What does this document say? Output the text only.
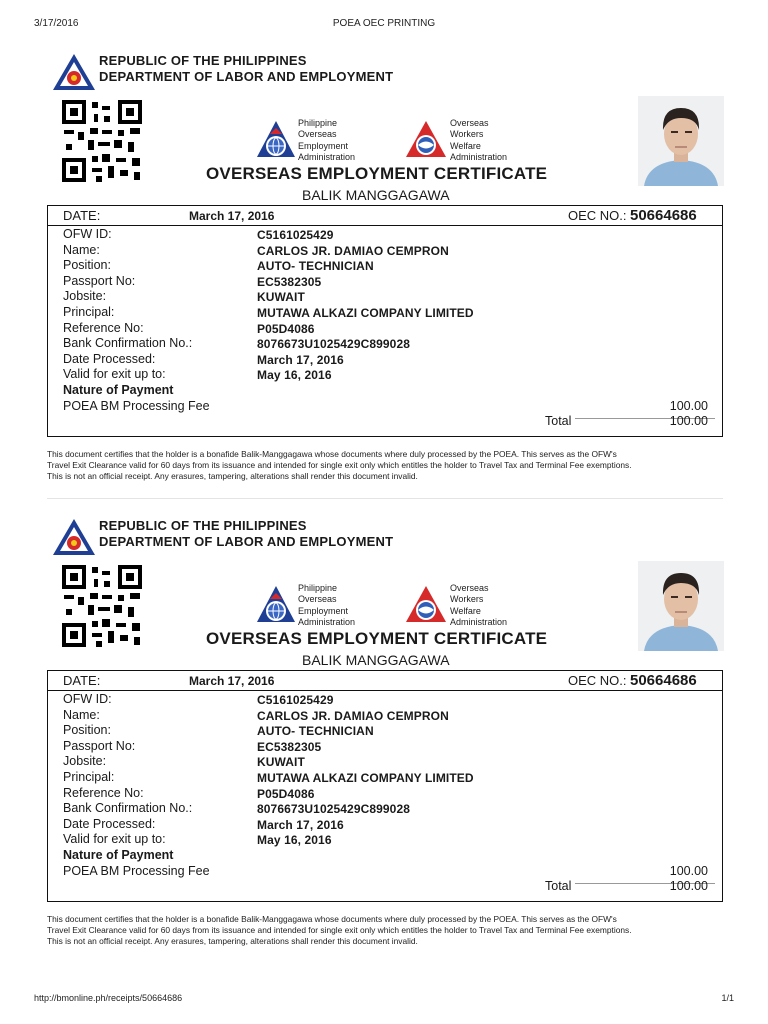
3/17/2016	POEA OEC PRINTING
REPUBLIC OF THE PHILIPPINES
DEPARTMENT OF LABOR AND EMPLOYMENT
Philippine
Overseas
Employment
Administration
Overseas
Workers
Welfare
Administration
OVERSEAS EMPLOYMENT CERTIFICATE
BALIK MANGGAGAWA
DATE:	March 17, 2016	OEC NO.: 50664686
OFW ID:	C5161025429
Name:	CARLOS JR. DAMIAO CEMPRON
Position:	AUTO- TECHNICIAN
Passport No:	EC5382305
Jobsite:	KUWAIT
Principal:	MUTAWA ALKAZI COMPANY LIMITED
Reference No:	P05D4086
Bank Confirmation No.:	8076673U1025429C899028
Date Processed:	March 17, 2016
Valid for exit up to:	May 16, 2016
Nature of Payment
POEA BM Processing Fee	100.00
Total	100.00
This document certifies that the holder is a bonafide Balik-Manggagawa whose documents where duly processed by the POEA. This serves as the OFW's
Travel Exit Clearance valid for 60 days from its issuance and intended for single exit only which entitles the holder to Travel Tax and Terminal Fee exemptions.
This is not an official receipt. Any erasures, tampering, alterations shall render this document invalid.
REPUBLIC OF THE PHILIPPINES
DEPARTMENT OF LABOR AND EMPLOYMENT
Philippine
Overseas
Employment
Administration
Overseas
Workers
Welfare
Administration
OVERSEAS EMPLOYMENT CERTIFICATE
BALIK MANGGAGAWA
DATE:	March 17, 2016	OEC NO.: 50664686
OFW ID:	C5161025429
Name:	CARLOS JR. DAMIAO CEMPRON
Position:	AUTO- TECHNICIAN
Passport No:	EC5382305
Jobsite:	KUWAIT
Principal:	MUTAWA ALKAZI COMPANY LIMITED
Reference No:	P05D4086
Bank Confirmation No.:	8076673U1025429C899028
Date Processed:	March 17, 2016
Valid for exit up to:	May 16, 2016
Nature of Payment
POEA BM Processing Fee	100.00
Total	100.00
This document certifies that the holder is a bonafide Balik-Manggagawa whose documents where duly processed by the POEA. This serves as the OFW's
Travel Exit Clearance valid for 60 days from its issuance and intended for single exit only which entitles the holder to Travel Tax and Terminal Fee exemptions.
This is not an official receipt. Any erasures, tampering, alterations shall render this document invalid.
http://bmonline.ph/receipts/50664686	1/1
